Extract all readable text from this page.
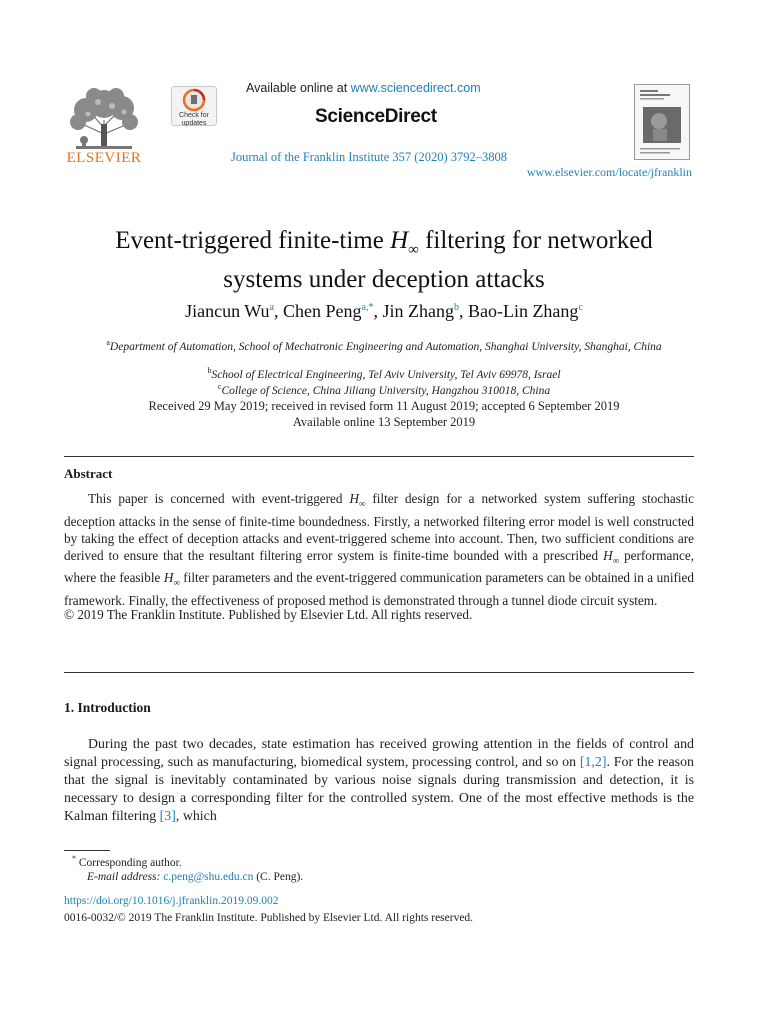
ELSEVIER
Check for updates
Available online at www.sciencedirect.com
ScienceDirect
Journal of the Franklin Institute 357 (2020) 3792–3808
www.elsevier.com/locate/jfranklin
Event-triggered finite-time $H_\infty$ filtering for networked
systems under deception attacks
Jiancun Wu$^a$, Chen Peng$^{a,*}$, Jin Zhang$^b$, Bao-Lin Zhang$^c$
$^a$Department of Automation, School of Mechatronic Engineering and Automation, Shanghai University, Shanghai, China
$^b$School of Electrical Engineering, Tel Aviv University, Tel Aviv 69978, Israel
$^c$College of Science, China Jiliang University, Hangzhou 310018, China
Received 29 May 2019; received in revised form 11 August 2019; accepted 6 September 2019
Available online 13 September 2019
Abstract
This paper is concerned with event-triggered $H_\infty$ filter design for a networked system suffering stochastic deception attacks in the sense of finite-time boundedness. Firstly, a networked filtering error model is well constructed by taking the effect of deception attacks and event-triggered scheme into account. Then, two sufficient conditions are derived to ensure that the resultant filtering error system is finite-time bounded with a prescribed $H_\infty$ performance, where the feasible $H_\infty$ filter parameters and the event-triggered communication parameters can be obtained in a unified framework. Finally, the effectiveness of proposed method is demonstrated through a tunnel diode circuit system.
© 2019 The Franklin Institute. Published by Elsevier Ltd. All rights reserved.
1. Introduction
During the past two decades, state estimation has received growing attention in the fields of control and signal processing, such as manufacturing, biomedical system, processing control, and so on [1,2]. For the reason that the signal is inevitably contaminated by various noise signals during transmission and detection, it is necessary to design a corresponding filter for the controlled system. One of the most effective methods is the Kalman filtering [3], which
* Corresponding author.
E-mail address: c.peng@shu.edu.cn (C. Peng).
https://doi.org/10.1016/j.jfranklin.2019.09.002
0016-0032/© 2019 The Franklin Institute. Published by Elsevier Ltd. All rights reserved.
